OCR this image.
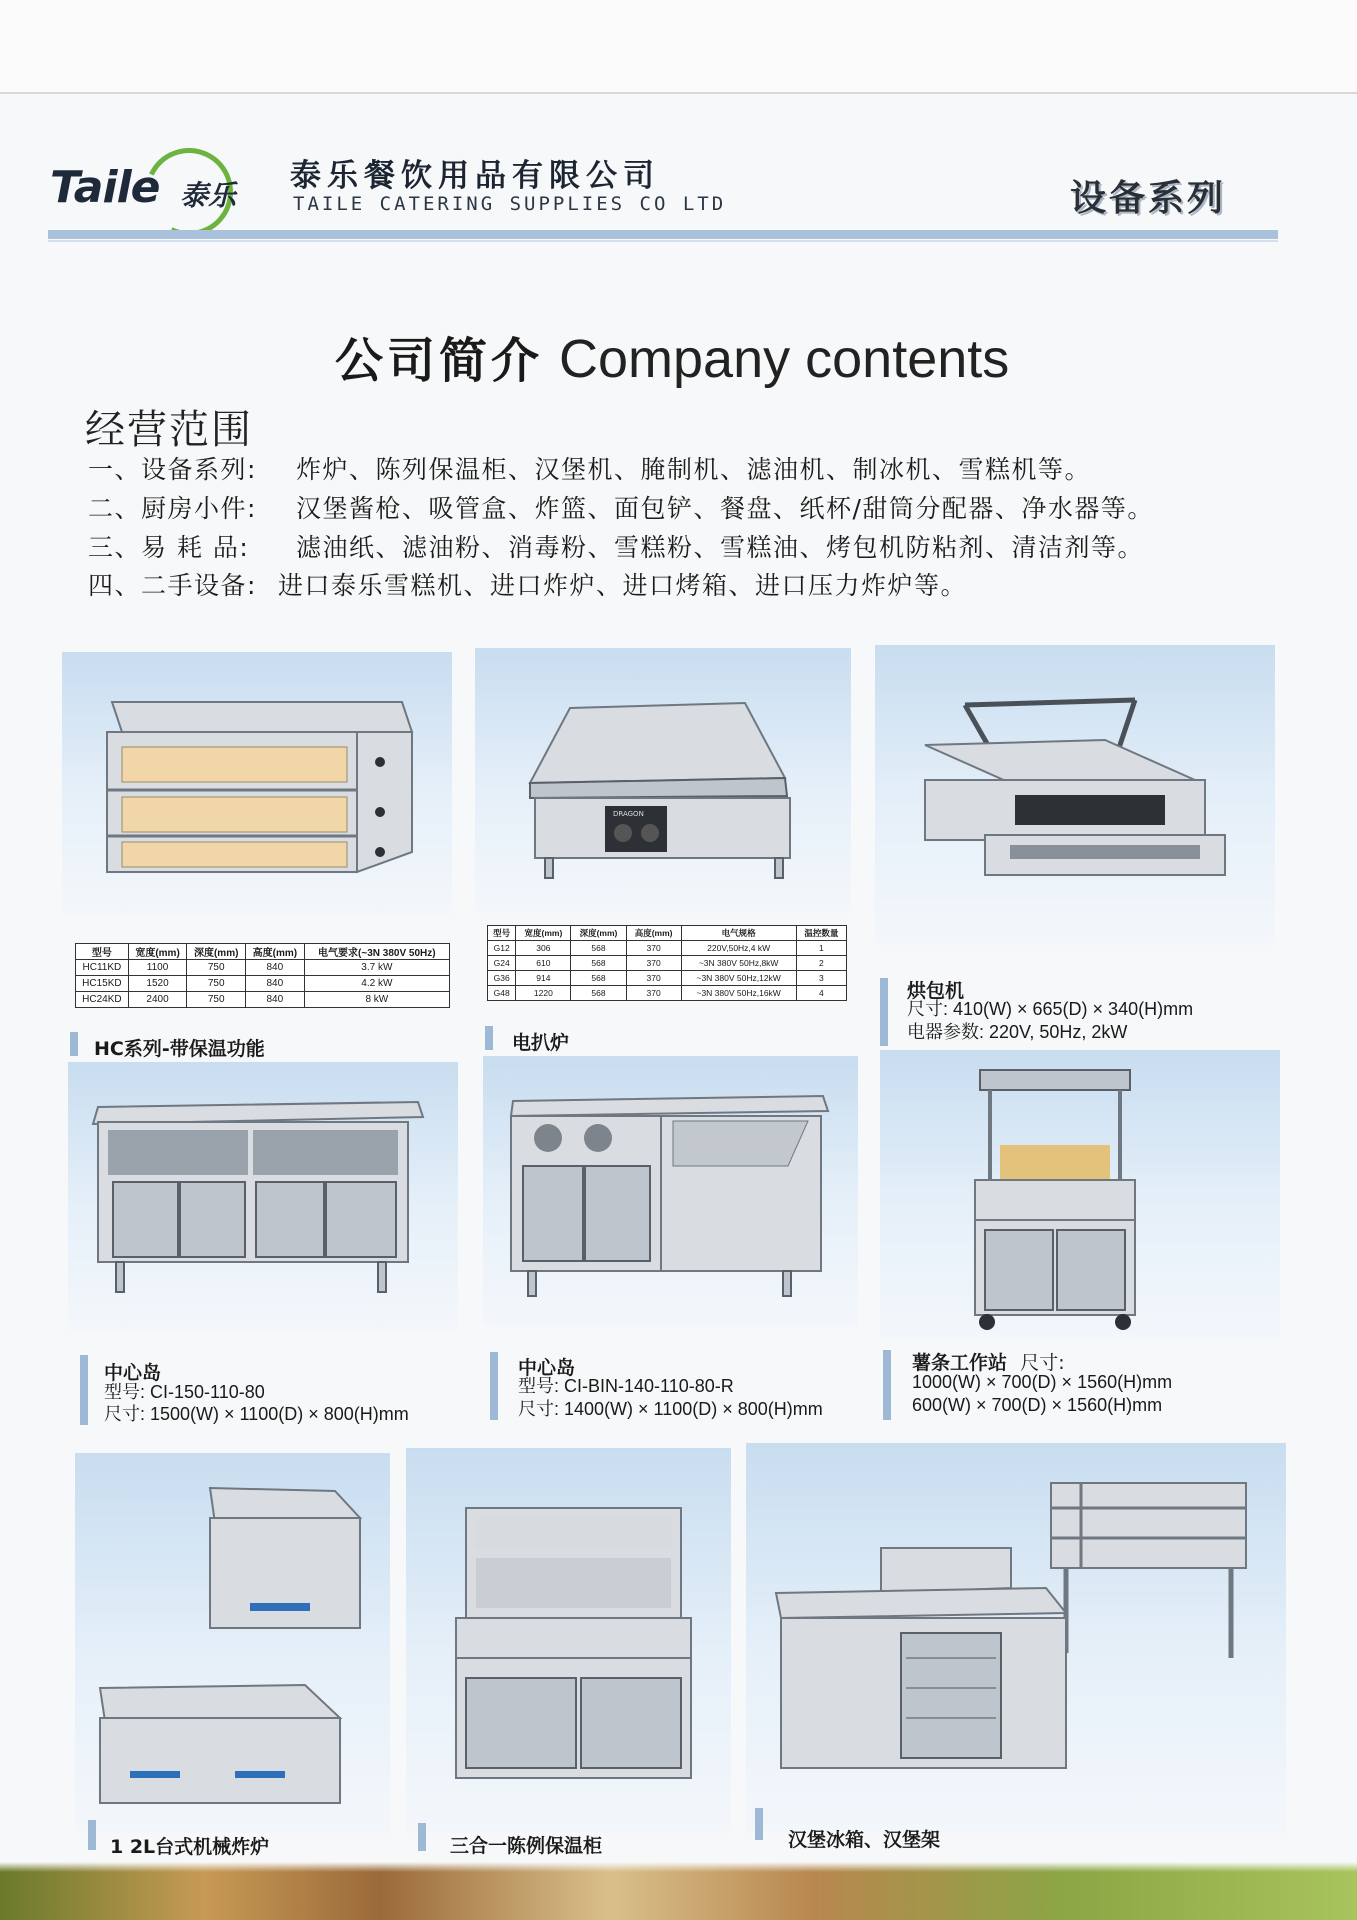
Taile 泰乐
泰乐餐饮用品有限公司
TAILE CATERING SUPPLIES CO LTD	设备系列
公司简介 Company contents
经营范围
一、设备系列: 炸炉、陈列保温柜、汉堡机、腌制机、滤油机、制冰机、雪糕机等。
二、厨房小件: 汉堡酱枪、吸管盒、炸篮、面包铲、餐盘、纸杯/甜筒分配器、净水器等。
三、易 耗 品: 滤油纸、滤油粉、消毒粉、雪糕粉、雪糕油、烤包机防粘剂、清洁剂等。
四、二手设备: 进口泰乐雪糕机、进口炸炉、进口烤箱、进口压力炸炉等。
型号	宽度(mm)	深度(mm)	高度(mm)	电气要求(~3N 380V 50Hz)
HC11KD	1100	750	840	3.7 kW
HC15KD	1520	750	840	4.2 kW
HC24KD	2400	750	840	8 kW
HC系列-带保温功能
DRAGON
型号	宽度(mm)	深度(mm)	高度(mm)	电气规格	温控数量
G12	306	568	370	220V,50Hz,4 kW	1
G24	610	568	370	~3N 380V 50Hz,8kW	2
G36	914	568	370	~3N 380V 50Hz,12kW	3
G48	1220	568	370	~3N 380V 50Hz,16kW	4
电扒炉
烘包机
尺寸: 410(W) × 665(D) × 340(H)mm
电器参数: 220V, 50Hz, 2kW
中心岛
型号: CI-150-110-80
尺寸: 1500(W) × 1100(D) × 800(H)mm
中心岛
型号: CI-BIN-140-110-80-R
尺寸: 1400(W) × 1100(D) × 800(H)mm
薯条工作站 尺寸:
1000(W) × 700(D) × 1560(H)mm
600(W) × 700(D) × 1560(H)mm
1 2L台式机械炸炉	三合一陈例保温柜	汉堡冰箱、汉堡架
